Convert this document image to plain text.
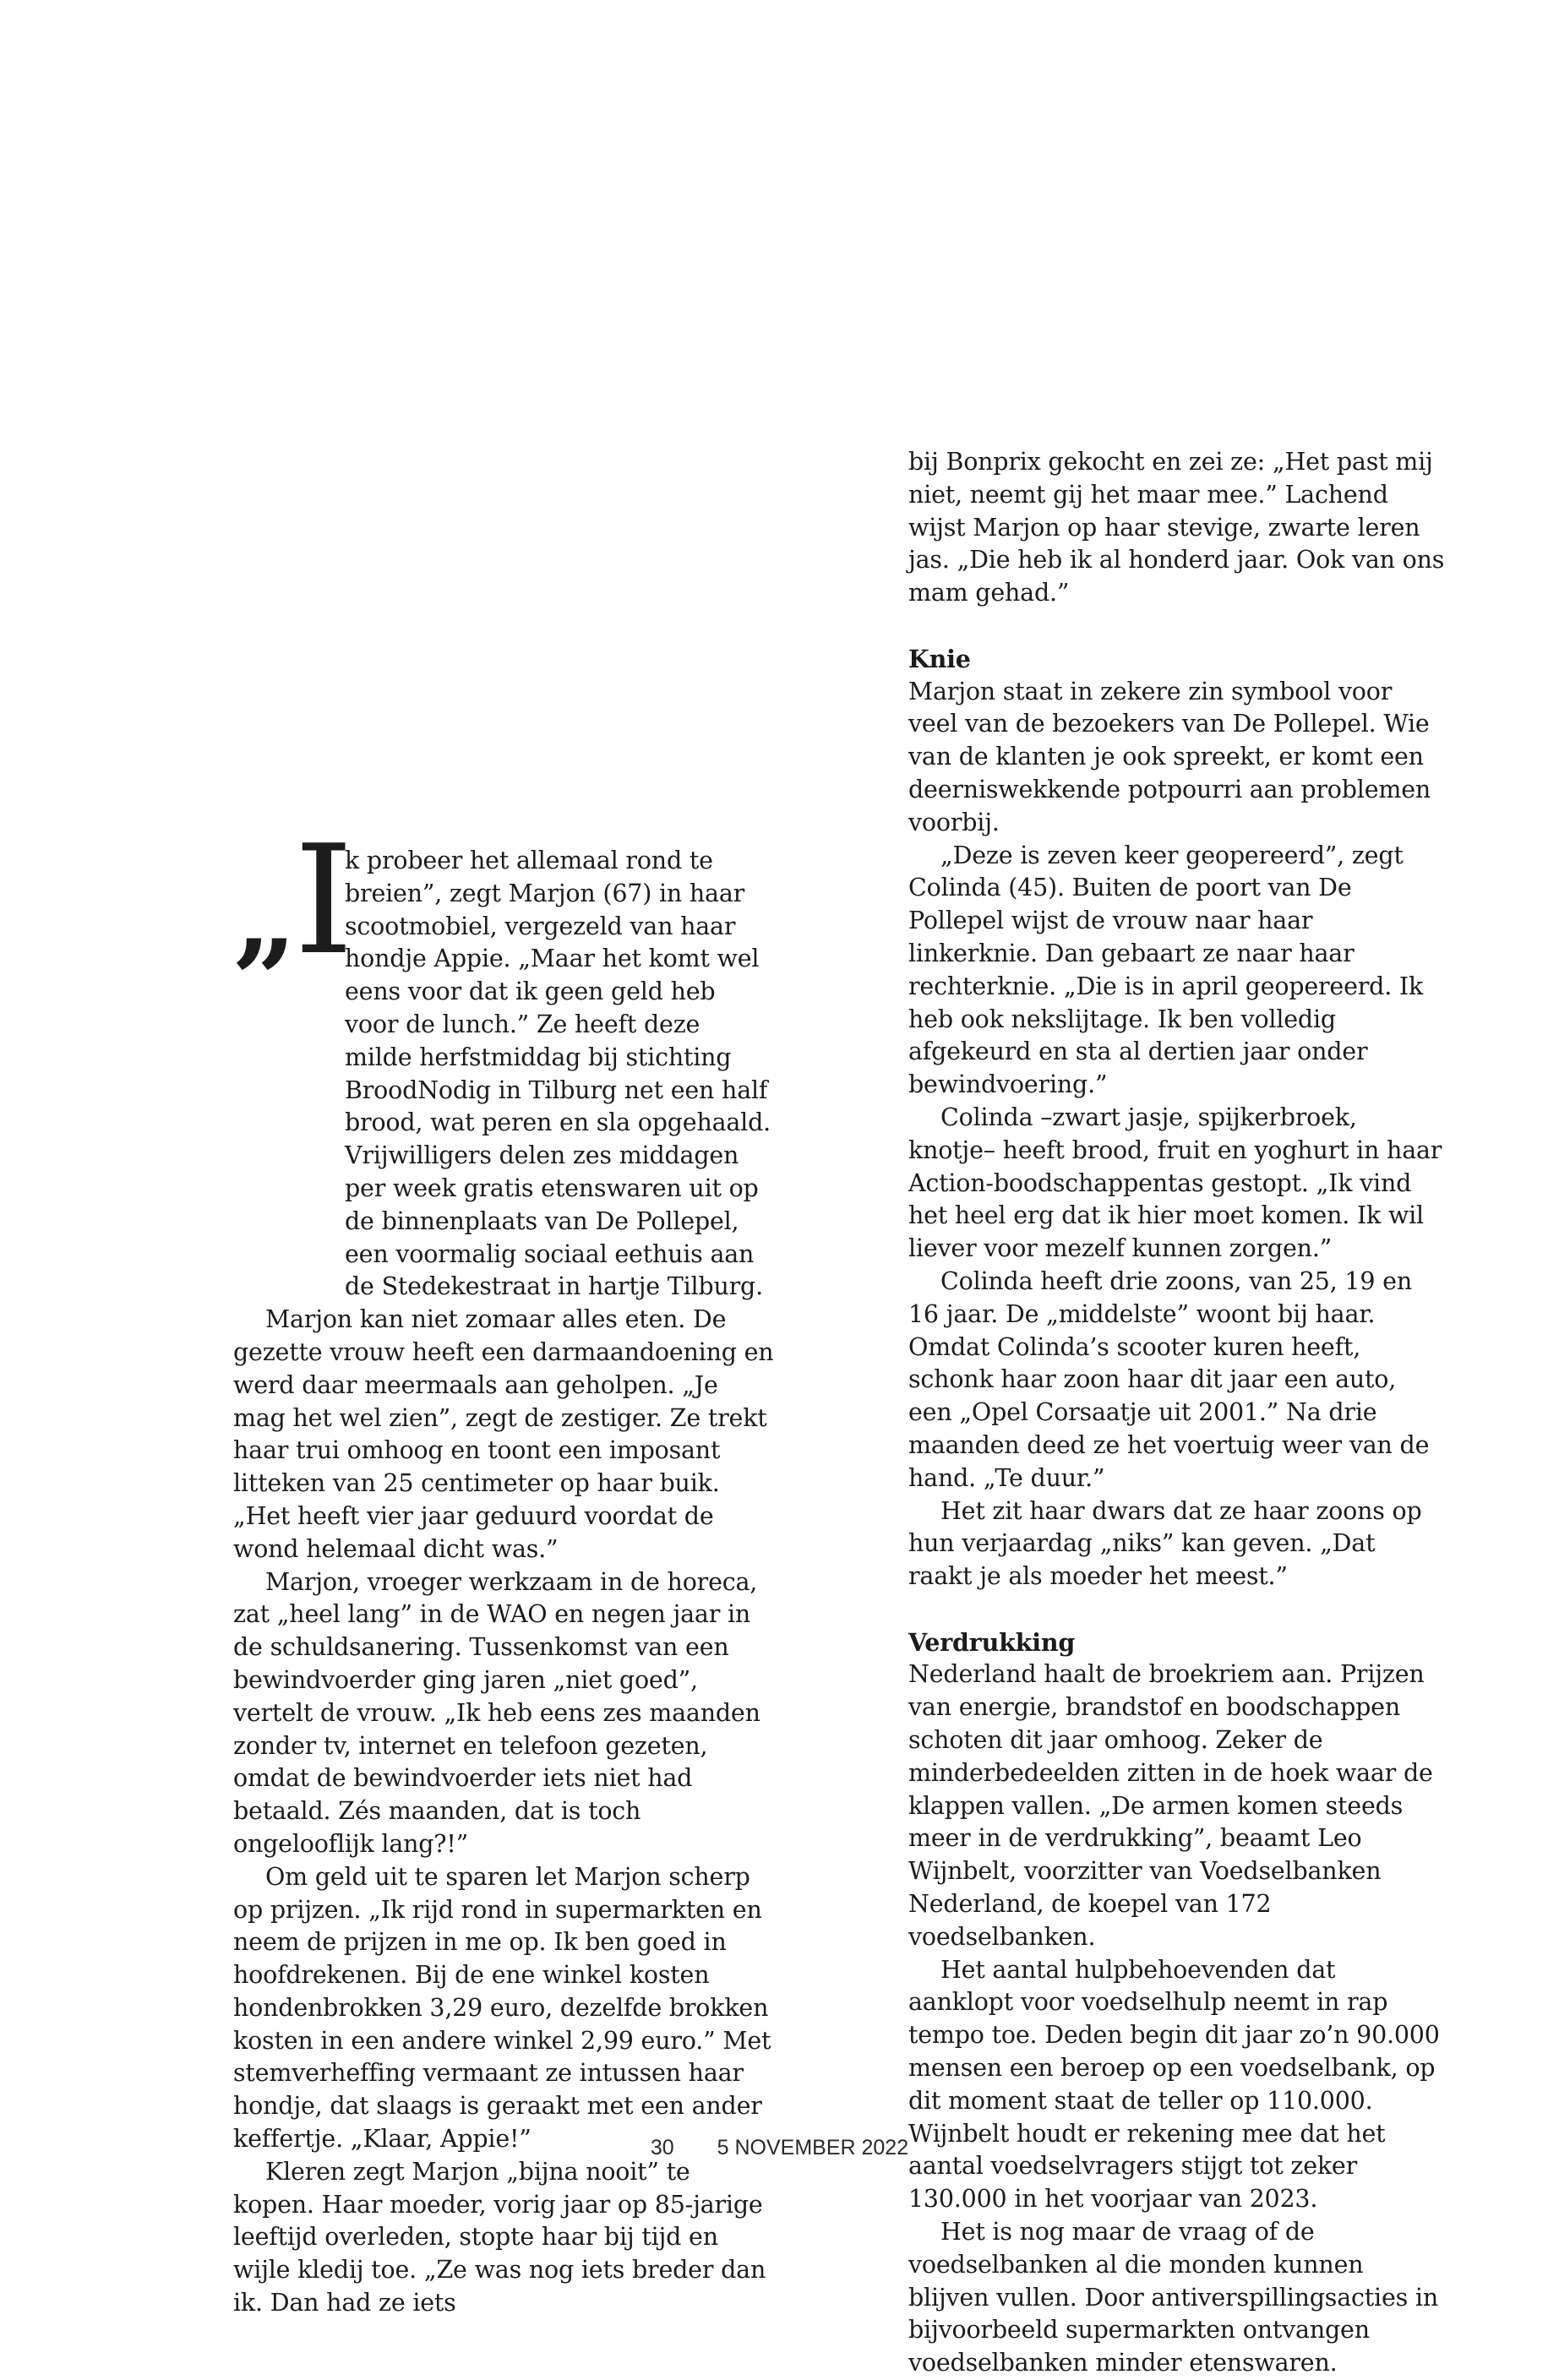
„ I

k probeer het allemaal rond te breien”, zegt Marjon (67) in haar scootmobiel, vergezeld van haar hondje Appie. „Maar het komt wel eens voor dat ik geen geld heb voor de lunch.” Ze heeft deze milde herfstmiddag bij stichting BroodNodig in Tilburg net een half brood, wat peren en sla opgehaald. Vrijwilligers delen zes middagen per week gratis etenswaren uit op de binnenplaats van De Pollepel, een voormalig sociaal eethuis aan de Stedekestraat in hartje Tilburg.

Marjon kan niet zomaar alles eten. De gezette vrouw heeft een darmaandoening en werd daar meermaals aan geholpen. „Je mag het wel zien”, zegt de zestiger. Ze trekt haar trui omhoog en toont een imposant litteken van 25 centimeter op haar buik. „Het heeft vier jaar geduurd voordat de wond helemaal dicht was.”

Marjon, vroeger werkzaam in de horeca, zat „heel lang” in de WAO en negen jaar in de schuldsanering. Tussenkomst van een bewindvoerder ging jaren „niet goed”, vertelt de vrouw. „Ik heb eens zes maanden zonder tv, internet en telefoon gezeten, omdat de bewindvoerder iets niet had betaald. Zés maanden, dat is toch ongelooflijk lang?!”

Om geld uit te sparen let Marjon scherp op prijzen. „Ik rijd rond in supermarkten en neem de prijzen in me op. Ik ben goed in hoofdrekenen. Bij de ene winkel kosten hondenbrokken 3,29 euro, dezelfde brokken kosten in een andere winkel 2,99 euro.” Met stemverheffing vermaant ze intussen haar hondje, dat slaags is geraakt met een ander keffertje. „Klaar, Appie!”

Kleren zegt Marjon „bijna nooit” te kopen. Haar moeder, vorig jaar op 85-jarige leeftijd overleden, stopte haar bij tijd en wijle kledij toe. „Ze was nog iets breder dan ik. Dan had ze iets

bij Bonprix gekocht en zei ze: „Het past mij niet, neemt gij het maar mee.” Lachend wijst Marjon op haar stevige, zwarte leren jas. „Die heb ik al honderd jaar. Ook van ons mam gehad.”

Knie

Marjon staat in zekere zin symbool voor veel van de bezoekers van De Pollepel. Wie van de klanten je ook spreekt, er komt een deerniswekkende potpourri aan problemen voorbij.

„Deze is zeven keer geopereerd”, zegt Colinda (45). Buiten de poort van De Pollepel wijst de vrouw naar haar linkerknie. Dan gebaart ze naar haar rechterknie. „Die is in april geopereerd. Ik heb ook nekslijtage. Ik ben volledig afgekeurd en sta al dertien jaar onder bewindvoering.”

Colinda –zwart jasje, spijkerbroek, knotje– heeft brood, fruit en yoghurt in haar Action-boodschappentas gestopt. „Ik vind het heel erg dat ik hier moet komen. Ik wil liever voor mezelf kunnen zorgen.”

Colinda heeft drie zoons, van 25, 19 en 16 jaar. De „middelste” woont bij haar. Omdat Colinda’s scooter kuren heeft, schonk haar zoon haar dit jaar een auto, een „Opel Corsaatje uit 2001.” Na drie maanden deed ze het voertuig weer van de hand. „Te duur.”

Het zit haar dwars dat ze haar zoons op hun verjaardag „niks” kan geven. „Dat raakt je als moeder het meest.”

Verdrukking

Nederland haalt de broekriem aan. Prijzen van energie, brandstof en boodschappen schoten dit jaar omhoog. Zeker de minderbedeelden zitten in de hoek waar de klappen vallen. „De armen komen steeds meer in de verdrukking”, beaamt Leo Wijnbelt, voorzitter van Voedselbanken Nederland, de koepel van 172 voedselbanken.

Het aantal hulpbehoevenden dat aanklopt voor voedselhulp neemt in rap tempo toe. Deden begin dit jaar zo’n 90.000 mensen een beroep op een voedselbank, op dit moment staat de teller op 110.000. Wijnbelt houdt er rekening mee dat het aantal voedselvragers stijgt tot zeker 130.000 in het voorjaar van 2023.

Het is nog maar de vraag of de voedselbanken al die monden kunnen blijven vullen. Door antiverspillingsacties in bijvoorbeeld supermarkten ontvangen voedselbanken minder etenswaren.

30 5 NOVEMBER 2022
